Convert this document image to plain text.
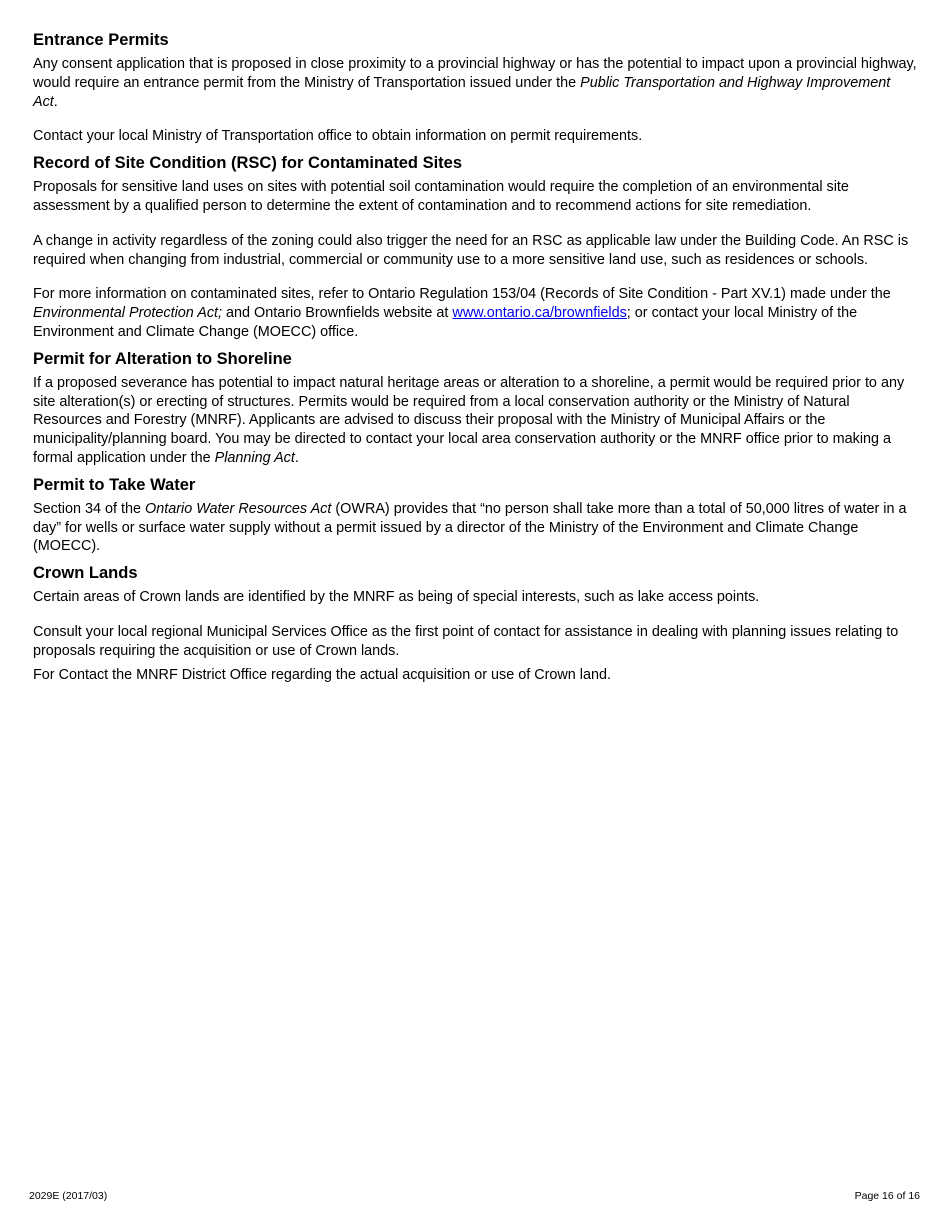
Entrance Permits

Any consent application that is proposed in close proximity to a provincial highway or has the potential to impact upon a provincial highway, would require an entrance permit from the Ministry of Transportation issued under the Public Transportation and Highway Improvement Act.

Contact your local Ministry of Transportation office to obtain information on permit requirements.

Record of Site Condition (RSC) for Contaminated Sites

Proposals for sensitive land uses on sites with potential soil contamination would require the completion of an environmental site assessment by a qualified person to determine the extent of contamination and to recommend actions for site remediation.

A change in activity regardless of the zoning could also trigger the need for an RSC as applicable law under the Building Code. An RSC is required when changing from industrial, commercial or community use to a more sensitive land use, such as residences or schools.

For more information on contaminated sites, refer to Ontario Regulation 153/04 (Records of Site Condition - Part XV.1) made under the Environmental Protection Act; and Ontario Brownfields website at www.ontario.ca/brownfields; or contact your local Ministry of the Environment and Climate Change (MOECC) office.

Permit for Alteration to Shoreline

If a proposed severance has potential to impact natural heritage areas or alteration to a shoreline, a permit would be required prior to any site alteration(s) or erecting of structures. Permits would be required from a local conservation authority or the Ministry of Natural Resources and Forestry (MNRF). Applicants are advised to discuss their proposal with the Ministry of Municipal Affairs or the municipality/planning board. You may be directed to contact your local area conservation authority or the MNRF office prior to making a formal application under the Planning Act.

Permit to Take Water

Section 34 of the Ontario Water Resources Act (OWRA) provides that “no person shall take more than a total of 50,000 litres of water in a day” for wells or surface water supply without a permit issued by a director of the Ministry of the Environment and Climate Change (MOECC).

Crown Lands

Certain areas of Crown lands are identified by the MNRF as being of special interests, such as lake access points.

Consult your local regional Municipal Services Office as the first point of contact for assistance in dealing with planning issues relating to proposals requiring the acquisition or use of Crown lands.

For Contact the MNRF District Office regarding the actual acquisition or use of Crown land.

2029E (2017/03)	Page 16 of 16
